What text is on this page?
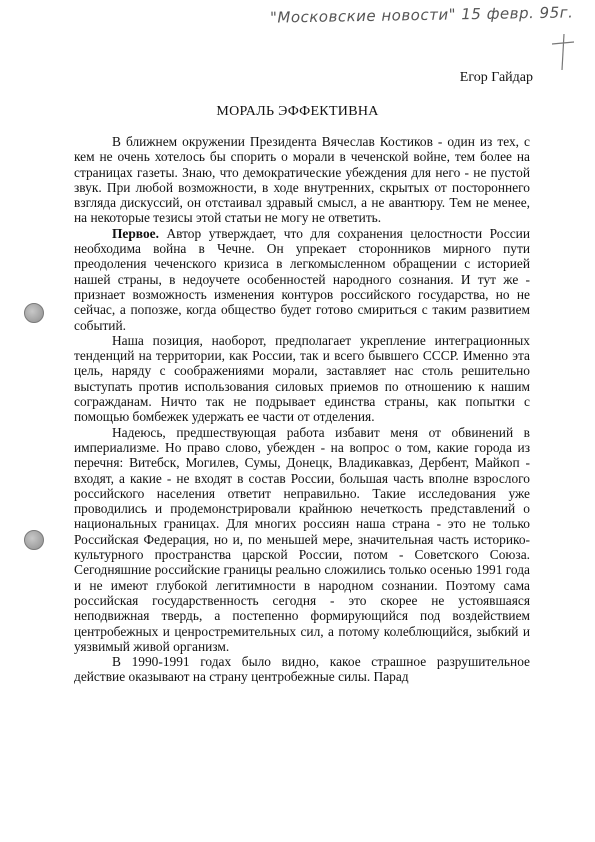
"Московские новости" 15 февр. 95г.
Егор Гайдар
МОРАЛЬ ЭФФЕКТИВНА

В ближнем окружении Президента Вячеслав Костиков - один из тех, с кем не очень хотелось бы спорить о морали в чеченской войне, тем более на страницах газеты. Знаю, что демократические убеждения для него - не пустой звук. При любой возможности, в ходе внутренних, скрытых от постороннего взгляда дискуссий, он отстаивал здравый смысл, а не авантюру. Тем не менее, на некоторые тезисы этой статьи не могу не ответить.

Первое. Автор утверждает, что для сохранения целостности России необходима война в Чечне. Он упрекает сторонников мирного пути преодоления чеченского кризиса в легкомысленном обращении с историей нашей страны, в недоучете особенностей народного сознания. И тут же - признает возможность изменения контуров российского государства, но не сейчас, а попозже, когда общество будет готово смириться с таким развитием событий.

Наша позиция, наоборот, предполагает укрепление интеграционных тенденций на территории, как России, так и всего бывшего СССР. Именно эта цель, наряду с соображениями морали, заставляет нас столь решительно выступать против использования силовых приемов по отношению к нашим согражданам. Ничто так не подрывает единства страны, как попытки с помощью бомбежек удержать ее части от отделения.

Надеюсь, предшествующая работа избавит меня от обвинений в империализме. Но право слово, убежден - на вопрос о том, какие города из перечня: Витебск, Могилев, Сумы, Донецк, Владикавказ, Дербент, Майкоп - входят, а какие - не входят в состав России, большая часть вполне взрослого российского населения ответит неправильно. Такие исследования уже проводились и продемонстрировали крайнюю нечеткость представлений о национальных границах. Для многих россиян наша страна - это не только Российская Федерация, но и, по меньшей мере, значительная часть историко-культурного пространства царской России, потом - Советского Союза. Сегодняшние российские границы реально сложились только осенью 1991 года и не имеют глубокой легитимности в народном сознании. Поэтому сама российская государственность сегодня - это скорее не устоявшаяся неподвижная твердь, а постепенно формирующийся под воздействием центробежных и ценростремительных сил, а потому колеблющийся, зыбкий и уязвимый живой организм.

В 1990-1991 годах было видно, какое страшное разрушительное действие оказывают на страну центробежные силы. Парад
